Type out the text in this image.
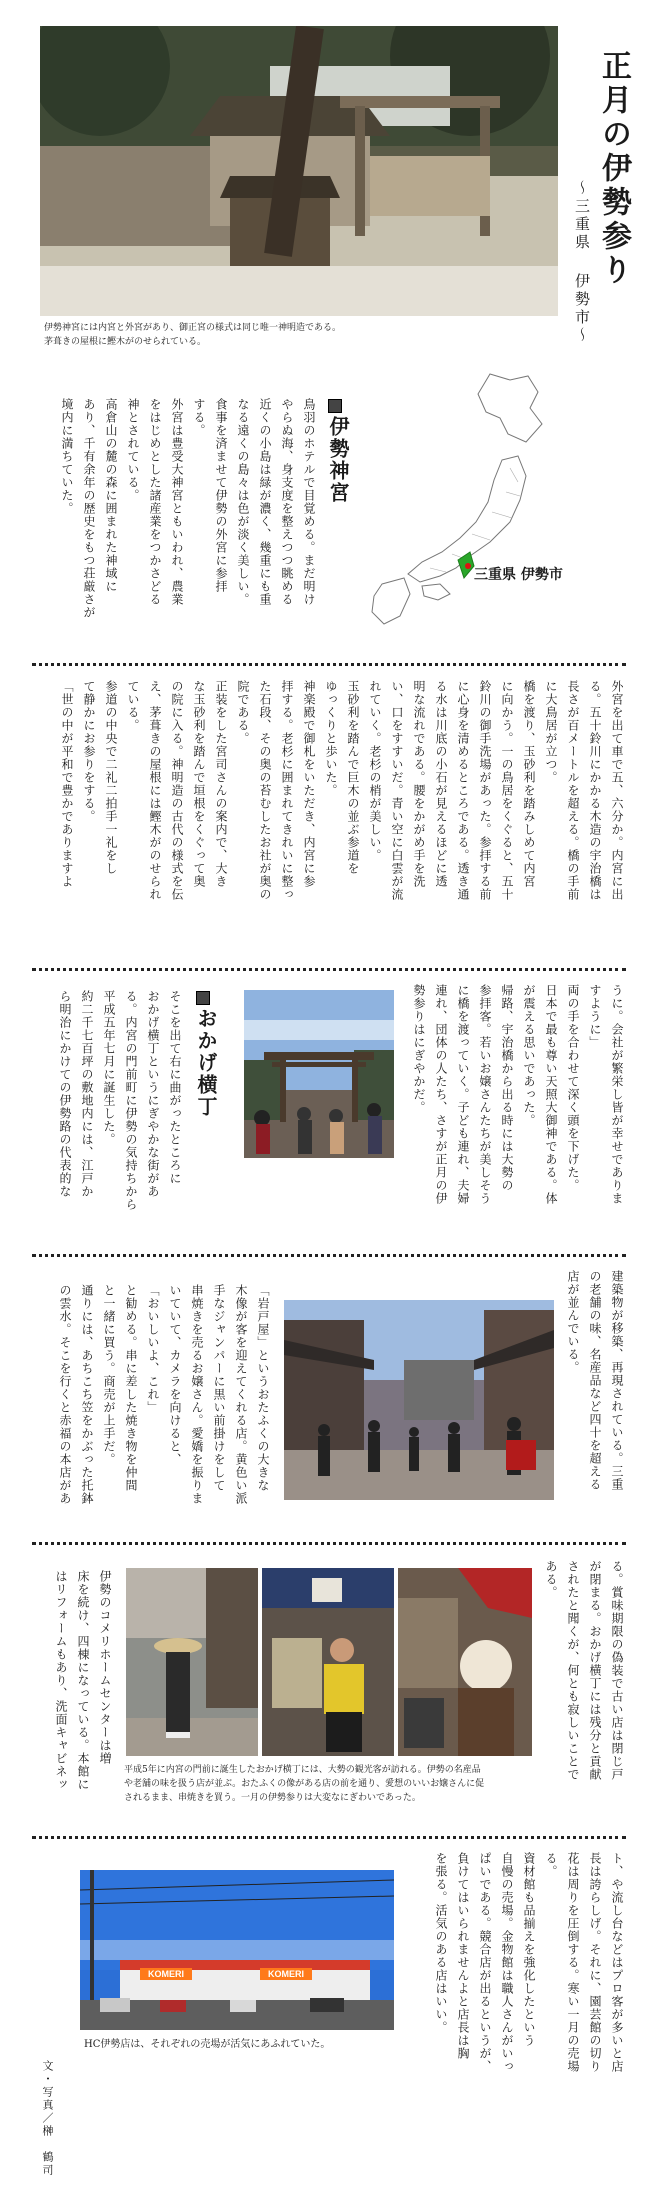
正月の伊勢参り
〜三重県 伊勢市〜
伊勢神宮には内宮と外宮があり、御正宮の様式は同じ唯一神明造である。
茅葺きの屋根に鰹木がのせられている。
伊勢神宮
鳥羽のホテルで目覚める。まだ明け
やらぬ海、身支度を整えつつ眺める
近くの小島は緑が濃く、幾重にも重
なる遠くの島々は色が淡く美しい。
食事を済ませて伊勢の外宮に参拝
する。
外宮は豊受大神宮ともいわれ、農業
をはじめとした諸産業をつかさどる
神とされている。
高倉山の麓の森に囲まれた神域に
あり、千有余年の歴史をもつ荘厳さが
境内に満ちていた。
三重県 伊勢市
外宮を出て車で五、六分か。内宮に出
る。五十鈴川にかかる木造の宇治橋は
長さが百メートルを超える。橋の手前
に大鳥居が立つ。
橋を渡り、玉砂利を踏みしめて内宮
に向かう。一の鳥居をくぐると、五十
鈴川の御手洗場があった。参拝する前
に心身を清めるところである。透き通
る水は川底の小石が見えるほどに透
明な流れである。腰をかがめ手を洗
い、口をすすいだ。青い空に白雲が流
れていく。老杉の梢が美しい。
玉砂利を踏んで巨木の並ぶ参道を
ゆっくりと歩いた。
神楽殿で御札をいただき、内宮に参
拝する。老杉に囲まれてきれいに整っ
た石段、その奥の苔むしたお社が奥の
院である。
正装をした宮司さんの案内で、大き
な玉砂利を踏んで垣根をくぐって奥
の院に入る。神明造の古代の様式を伝
え、茅葺きの屋根には鰹木がのせられ
ている。
参道の中央で二礼二拍手一礼をし
て静かにお参りをする。
「世の中が平和で豊かでありますよ
うに。会社が繁栄し皆が幸せでありま
すように」
両の手を合わせて深く頭を下げた。
日本で最も尊い天照大御神である。体
が震える思いであった。
帰路、宇治橋から出る時には大勢の
参拝客。若いお嬢さんたちが美しそう
に橋を渡っていく。子ども連れ、夫婦
連れ、団体の人たち、さすが正月の伊
勢参りはにぎやかだ。
おかげ横丁
そこを出て右に曲がったところに
おかげ横丁というにぎやかな街があ
る。内宮の門前町に伊勢の気持ちから
平成五年七月に誕生した。
約二千七百坪の敷地内には、江戸か
ら明治にかけての伊勢路の代表的な
建築物が移築、再現されている。三重
の老舗の味、名産品など四十を超える
店が並んでいる。
「岩戸屋」というおたふくの大きな
木像が客を迎えてくれる店。黄色い派
手なジャンパーに黒い前掛けをして
串焼きを売るお嬢さん。愛嬌を振りま
いていて、カメラを向けると、
「おいしいよ、これ」
と勧める。串に差した焼き物を仲間
と一緒に買う。商売が上手だ。
通りには、あちこち笠をかぶった托鉢
の雲水。そこを行くと赤福の本店があ
る。賞味期限の偽装で古い店は閉じ戸
が閉まる。おかげ横丁には残分と貢献
されたと聞くが、何とも寂しいことで
ある。
伊勢のコメリホームセンターは増
床を続け、四棟になっている。本館に
はリフォームもあり、洗面キャビネッ	平成5年に内宮の門前に誕生したおかげ横丁には、大勢の観光客が訪れる。伊勢の名産品
や老舗の味を扱う店が並ぶ。おたふくの像がある店の前を通り、愛想のいいお嬢さんに促
されるまま、串焼きを買う。一月の伊勢参りは大変なにぎわいであった。
ト、や流し台などはプロ客が多いと店
長は誇らしげ。それに、園芸館の切り
花は周りを圧倒する。寒い一月の売場
る。
資材館も品揃えを強化したという
自慢の売場。金物館は職人さんがいっ
ぱいである。競合店が出るというが、
負けてはいられませんよと店長は胸
を張る。活気のある店はいい。
KOMERI	KOMERI
HC伊勢店は、それぞれの売場が活気にあふれていた。
文・写真／榊　鶴司
